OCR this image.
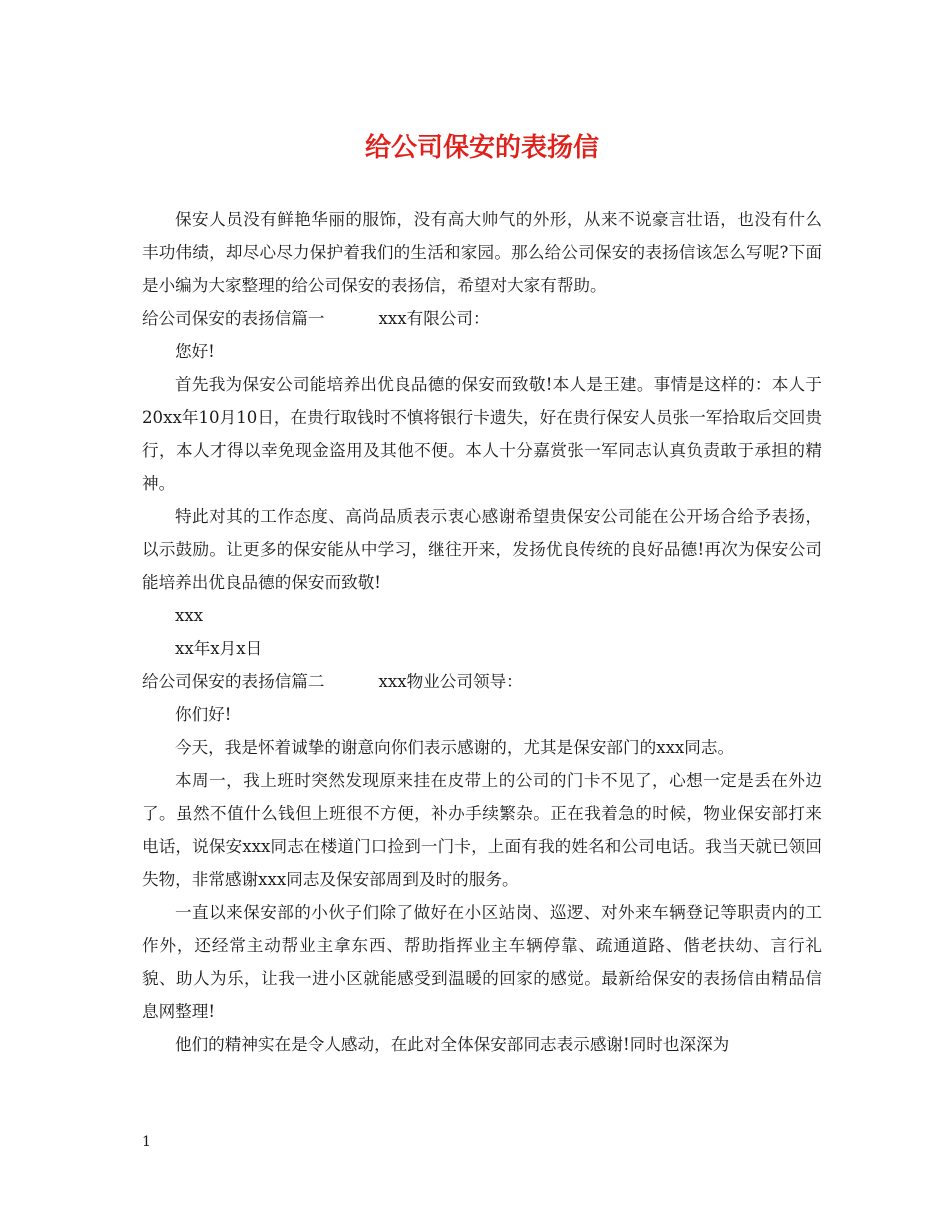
给公司保安的表扬信

保安人员没有鲜艳华丽的服饰，没有高大帅气的外形，从来不说豪言壮语，也没有什么丰功伟绩，却尽心尽力保护着我们的生活和家园。那么给公司保安的表扬信该怎么写呢?下面是小编为大家整理的给公司保安的表扬信，希望对大家有帮助。

给公司保安的表扬信篇一	xxx有限公司：

您好!

首先我为保安公司能培养出优良品德的保安而致敬!本人是王建。事情是这样的：本人于20xx年10月10日，在贵行取钱时不慎将银行卡遗失，好在贵行保安人员张一军拾取后交回贵行，本人才得以幸免现金盗用及其他不便。本人十分嘉赏张一军同志认真负责敢于承担的精神。

特此对其的工作态度、高尚品质表示衷心感谢希望贵保安公司能在公开场合给予表扬，以示鼓励。让更多的保安能从中学习，继往开来，发扬优良传统的良好品德!再次为保安公司能培养出优良品德的保安而致敬!

xxx

xx年x月x日

给公司保安的表扬信篇二	xxx物业公司领导：

你们好!

今天，我是怀着诚挚的谢意向你们表示感谢的，尤其是保安部门的xxx同志。

本周一，我上班时突然发现原来挂在皮带上的公司的门卡不见了，心想一定是丢在外边了。虽然不值什么钱但上班很不方便，补办手续繁杂。正在我着急的时候，物业保安部打来电话，说保安xxx同志在楼道门口捡到一门卡，上面有我的姓名和公司电话。我当天就已领回失物，非常感谢xxx同志及保安部周到及时的服务。

一直以来保安部的小伙子们除了做好在小区站岗、巡逻、对外来车辆登记等职责内的工作外，还经常主动帮业主拿东西、帮助指挥业主车辆停靠、疏通道路、偕老扶幼、言行礼貌、助人为乐，让我一进小区就能感受到温暖的回家的感觉。最新给保安的表扬信由精品信息网整理!

他们的精神实在是令人感动，在此对全体保安部同志表示感谢!同时也深深为

1
